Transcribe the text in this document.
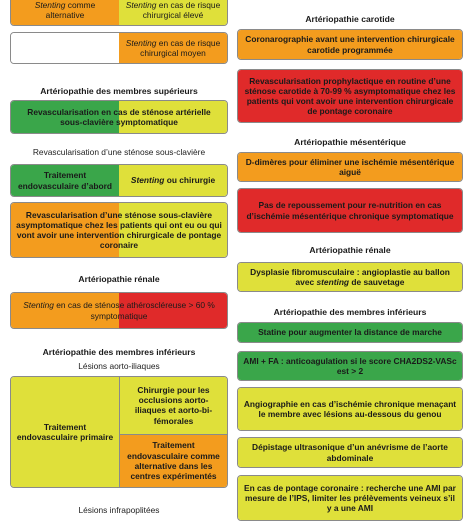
Stenting comme alternative
Stenting en cas de risque chirurgical élevé
Stenting en cas de risque chirurgical moyen
Artériopathie des membres supérieurs
Revascularisation en cas de sténose artérielle sous-clavière symptomatique
Revascularisation d’une sténose sous-clavière
Traitement endovasculaire d’abord
Stenting ou chirurgie
Revascularisation d’une sténose sous-clavière asymptomatique chez les patients qui ont eu ou qui vont avoir une intervention chirurgicale de pontage coronaire
Artériopathie rénale
Stenting en cas de sténose athéroscléreuse > 60 % symptomatique
Artériopathie des membres inférieurs
Lésions aorto-iliaques
Traitement endovasculaire primaire
Chirurgie pour les occlusions aorto-iliaques et aorto-bi-fémorales
Traitement endovasculaire comme alternative dans les centres expérimentés
Lésions infrapoplitées
Artériopathie carotide
Coronarographie avant une intervention chirurgicale carotide programmée
Revascularisation prophylactique en routine d’une sténose carotide à 70-99 % asymptomatique chez les patients qui vont avoir une intervention chirurgicale de pontage coronaire
Artériopathie mésentérique
D-dimères pour éliminer une ischémie mésentérique aiguë
Pas de repoussement pour re-nutrition en cas d’ischémie mésentérique chronique symptomatique
Artériopathie rénale
Dysplasie fibromusculaire : angioplastie au ballon avec stenting de sauvetage
Artériopathie des membres inférieurs
Statine pour augmenter la distance de marche
AMI + FA : anticoagulation si le score CHA2DS2-VASc est > 2
Angiographie en cas d’ischémie chronique menaçant le membre avec lésions au-dessous du genou
Dépistage ultrasonique d’un anévrisme de l’aorte abdominale
En cas de pontage coronaire : recherche une AMI par mesure de l’IPS, limiter les prélèvements veineux s’il y a une AMI
